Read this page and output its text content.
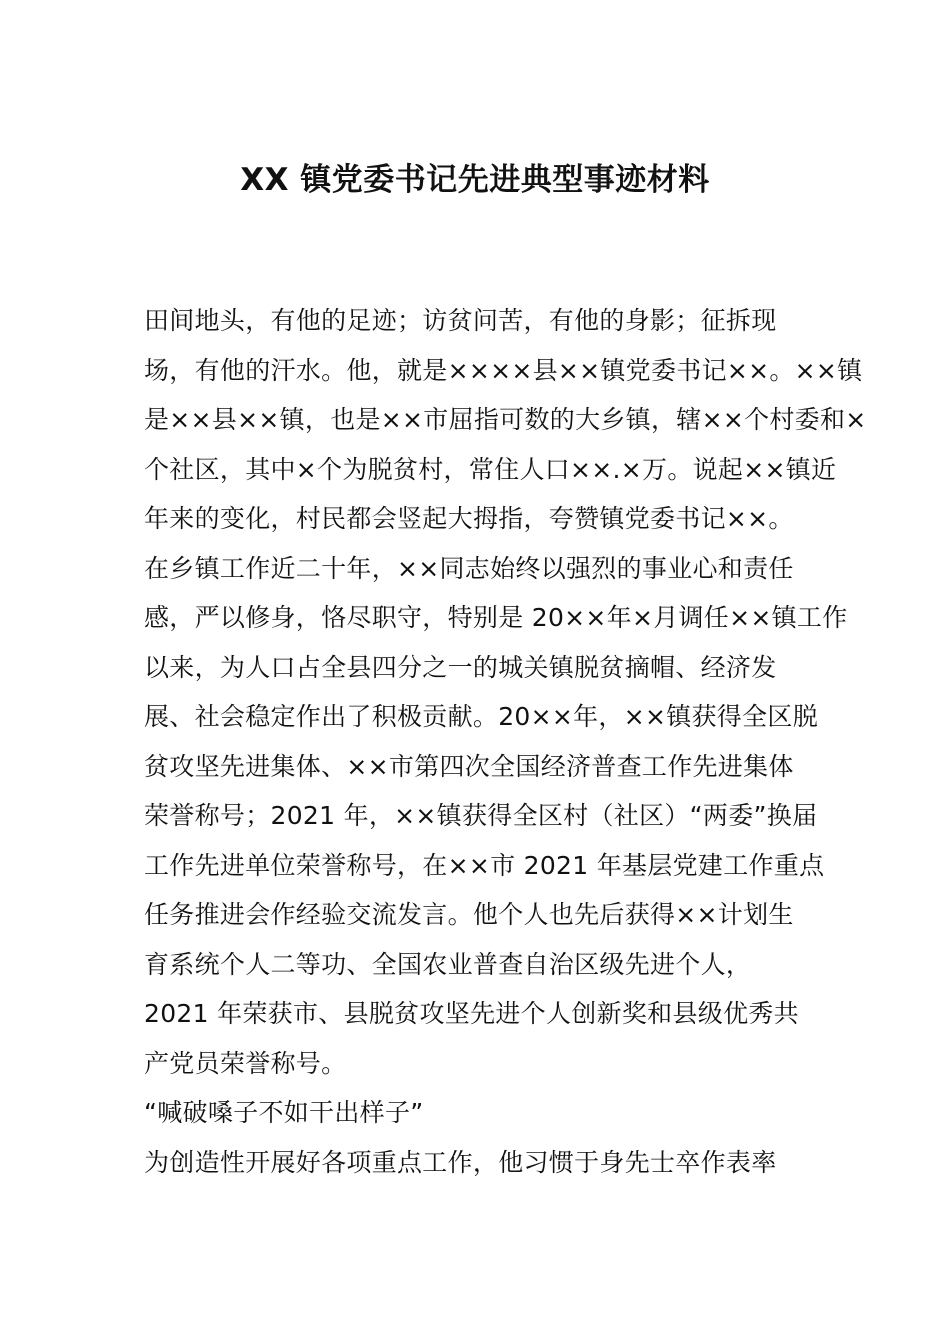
XX 镇党委书记先进典型事迹材料
田间地头，有他的足迹；访贫问苦，有他的身影；征拆现
场，有他的汗水。他，就是××××县××镇党委书记××。××镇
是××县××镇，也是××市屈指可数的大乡镇，辖××个村委和×
个社区，其中×个为脱贫村，常住人口××.×万。说起××镇近
年来的变化，村民都会竖起大拇指，夸赞镇党委书记××。
在乡镇工作近二十年，××同志始终以强烈的事业心和责任
感，严以修身，恪尽职守，特别是 20××年×月调任××镇工作
以来，为人口占全县四分之一的城关镇脱贫摘帽、经济发
展、社会稳定作出了积极贡献。20××年，××镇获得全区脱
贫攻坚先进集体、××市第四次全国经济普查工作先进集体
荣誉称号；2021 年，××镇获得全区村（社区）“两委”换届
工作先进单位荣誉称号，在××市 2021 年基层党建工作重点
任务推进会作经验交流发言。他个人也先后获得××计划生
育系统个人二等功、全国农业普查自治区级先进个人，
2021 年荣获市、县脱贫攻坚先进个人创新奖和县级优秀共
产党员荣誉称号。
“喊破嗓子不如干出样子”
为创造性开展好各项重点工作，他习惯于身先士卒作表率
